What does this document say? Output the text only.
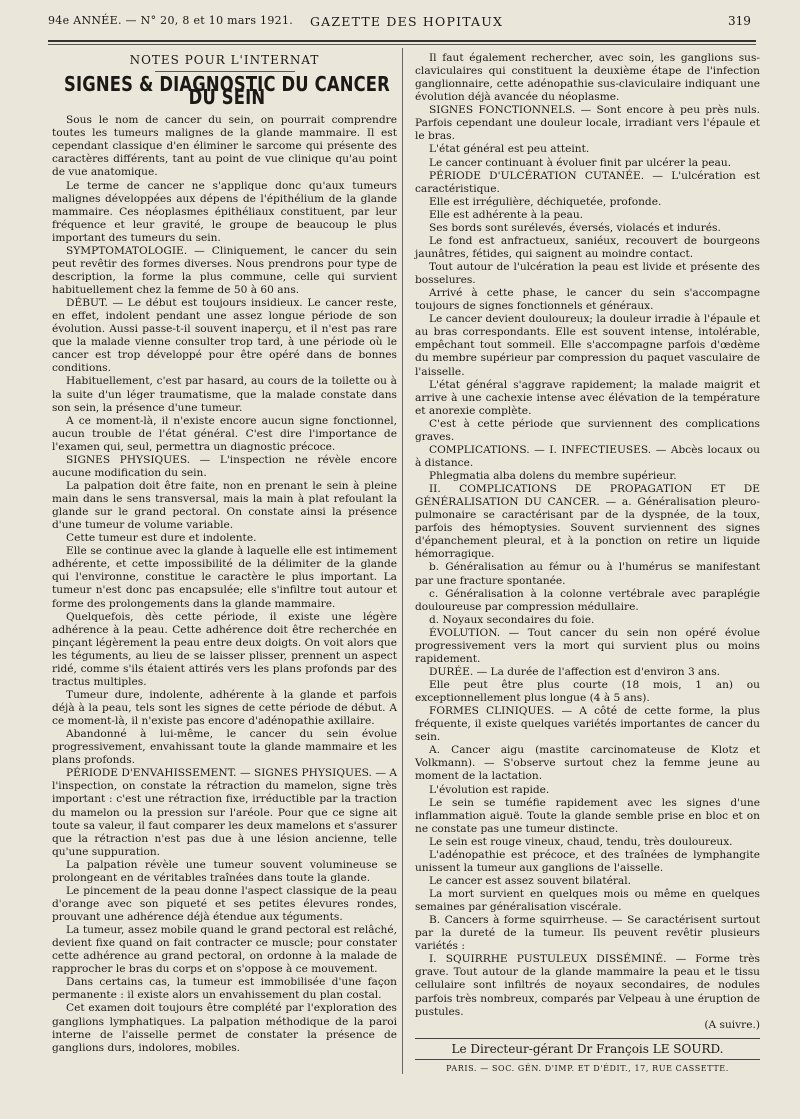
94e ANNÉE. — N° 20, 8 et 10 mars 1921. GAZETTE DES HOPITAUX	319
NOTES POUR L'INTERNAT
SIGNES & DIAGNOSTIC DU CANCER DU SEIN

Sous le nom de cancer du sein, on pourrait comprendre toutes les tumeurs malignes de la glande mammaire. Il est cependant classique d'en éliminer le sarcome qui présente des caractères différents, tant au point de vue clinique qu'au point de vue anatomique.

Le terme de cancer ne s'applique donc qu'aux tumeurs malignes développées aux dépens de l'épithélium de la glande mammaire. Ces néoplasmes épithéliaux constituent, par leur fréquence et leur gravité, le groupe de beaucoup le plus important des tumeurs du sein.

SYMPTOMATOLOGIE. — Cliniquement, le cancer du sein peut revêtir des formes diverses. Nous prendrons pour type de description, la forme la plus commune, celle qui survient habituellement chez la femme de 50 à 60 ans.

DÉBUT. — Le début est toujours insidieux. Le cancer reste, en effet, indolent pendant une assez longue période de son évolution. Aussi passe-t-il souvent inaperçu, et il n'est pas rare que la malade vienne consulter trop tard, à une période où le cancer est trop développé pour être opéré dans de bonnes conditions.

Habituellement, c'est par hasard, au cours de la toilette ou à la suite d'un léger traumatisme, que la malade constate dans son sein, la présence d'une tumeur.

A ce moment-là, il n'existe encore aucun signe fonctionnel, aucun trouble de l'état général. C'est dire l'importance de l'examen qui, seul, permettra un diagnostic précoce.

SIGNES PHYSIQUES. — L'inspection ne révèle encore aucune modification du sein.

La palpation doit être faite, non en prenant le sein à pleine main dans le sens transversal, mais la main à plat refoulant la glande sur le grand pectoral. On constate ainsi la présence d'une tumeur de volume variable.

Cette tumeur est dure et indolente.

Elle se continue avec la glande à laquelle elle est intimement adhérente, et cette impossibilité de la délimiter de la glande qui l'environne, constitue le caractère le plus important. La tumeur n'est donc pas encapsulée; elle s'infiltre tout autour et forme des prolongements dans la glande mammaire.

Quelquefois, dès cette période, il existe une légère adhérence à la peau. Cette adhérence doit être recherchée en pinçant légèrement la peau entre deux doigts. On voit alors que les téguments, au lieu de se laisser plisser, prennent un aspect ridé, comme s'ils étaient attirés vers les plans profonds par des tractus multiples.

Tumeur dure, indolente, adhérente à la glande et parfois déjà à la peau, tels sont les signes de cette période de début. A ce moment-là, il n'existe pas encore d'adénopathie axillaire.

Abandonné à lui-même, le cancer du sein évolue progressivement, envahissant toute la glande mammaire et les plans profonds.

PÉRIODE D'ENVAHISSEMENT. — SIGNES PHYSIQUES. — A l'inspection, on constate la rétraction du mamelon, signe très important : c'est une rétraction fixe, irréductible par la traction du mamelon ou la pression sur l'aréole. Pour que ce signe ait toute sa valeur, il faut comparer les deux mamelons et s'assurer que la rétraction n'est pas due à une lésion ancienne, telle qu'une suppuration.

La palpation révèle une tumeur souvent volumineuse se prolongeant en de véritables traînées dans toute la glande.

Le pincement de la peau donne l'aspect classique de la peau d'orange avec son piqueté et ses petites élevures rondes, prouvant une adhérence déjà étendue aux téguments.

La tumeur, assez mobile quand le grand pectoral est relâché, devient fixe quand on fait contracter ce muscle; pour constater cette adhérence au grand pectoral, on ordonne à la malade de rapprocher le bras du corps et on s'oppose à ce mouvement.

Dans certains cas, la tumeur est immobilisée d'une façon permanente : il existe alors un envahissement du plan costal.

Cet examen doit toujours être complété par l'exploration des ganglions lymphatiques. La palpation méthodique de la paroi interne de l'aisselle permet de constater la présence de ganglions durs, indolores, mobiles.

Il faut également rechercher, avec soin, les ganglions sus-claviculaires qui constituent la deuxième étape de l'infection ganglionnaire, cette adénopathie sus-claviculaire indiquant une évolution déjà avancée du néoplasme.

SIGNES FONCTIONNELS. — Sont encore à peu près nuls. Parfois cependant une douleur locale, irradiant vers l'épaule et le bras.

L'état général est peu atteint.

Le cancer continuant à évoluer finit par ulcérer la peau.

PÉRIODE D'ULCÉRATION CUTANÉE. — L'ulcération est caractéristique.

Elle est irrégulière, déchiquetée, profonde.

Elle est adhérente à la peau.

Ses bords sont surélevés, éversés, violacés et indurés.

Le fond est anfractueux, saniéux, recouvert de bourgeons jaunâtres, fétides, qui saignent au moindre contact.

Tout autour de l'ulcération la peau est livide et présente des bosselures.

Arrivé à cette phase, le cancer du sein s'accompagne toujours de signes fonctionnels et généraux.

Le cancer devient douloureux; la douleur irradie à l'épaule et au bras correspondants. Elle est souvent intense, intolérable, empêchant tout sommeil. Elle s'accompagne parfois d'œdème du membre supérieur par compression du paquet vasculaire de l'aisselle.

L'état général s'aggrave rapidement; la malade maigrit et arrive à une cachexie intense avec élévation de la température et anorexie complète.

C'est à cette période que surviennent des complications graves.

COMPLICATIONS. — I. INFECTIEUSES. — Abcès locaux ou à distance.

Phlegmatia alba dolens du membre supérieur.

II. COMPLICATIONS DE PROPAGATION ET DE GÉNÉRALISATION DU CANCER. — a. Généralisation pleuro-pulmonaire se caractérisant par de la dyspnée, de la toux, parfois des hémoptysies. Souvent surviennent des signes d'épanchement pleural, et à la ponction on retire un liquide hémorragique.

b. Généralisation au fémur ou à l'humérus se manifestant par une fracture spontanée.

c. Généralisation à la colonne vertébrale avec paraplégie douloureuse par compression médullaire.

d. Noyaux secondaires du foie.

ÉVOLUTION. — Tout cancer du sein non opéré évolue progressivement vers la mort qui survient plus ou moins rapidement.

DURÉE. — La durée de l'affection est d'environ 3 ans.

Elle peut être plus courte (18 mois, 1 an) ou exceptionnellement plus longue (4 à 5 ans).

FORMES CLINIQUES. — A côté de cette forme, la plus fréquente, il existe quelques variétés importantes de cancer du sein.

A. Cancer aigu (mastite carcinomateuse de Klotz et Volkmann). — S'observe surtout chez la femme jeune au moment de la lactation.

L'évolution est rapide.

Le sein se tuméfie rapidement avec les signes d'une inflammation aiguë. Toute la glande semble prise en bloc et on ne constate pas une tumeur distincte.

Le sein est rouge vineux, chaud, tendu, très douloureux.

L'adénopathie est précoce, et des traînées de lymphangite unissent la tumeur aux ganglions de l'aisselle.

Le cancer est assez souvent bilatéral.

La mort survient en quelques mois ou même en quelques semaines par généralisation viscérale.

B. Cancers à forme squirrheuse. — Se caractérisent surtout par la dureté de la tumeur. Ils peuvent revêtir plusieurs variétés :

I. SQUIRRHE PUSTULEUX DISSÉMINÉ. — Forme très grave. Tout autour de la glande mammaire la peau et le tissu cellulaire sont infiltrés de noyaux secondaires, de nodules parfois très nombreux, comparés par Velpeau à une éruption de pustules.

(A suivre.)

Le Directeur-gérant Dr François LE SOURD.
PARIS. — SOC. GÉN. D'IMP. ET D'ÉDIT., 17, RUE CASSETTE.
